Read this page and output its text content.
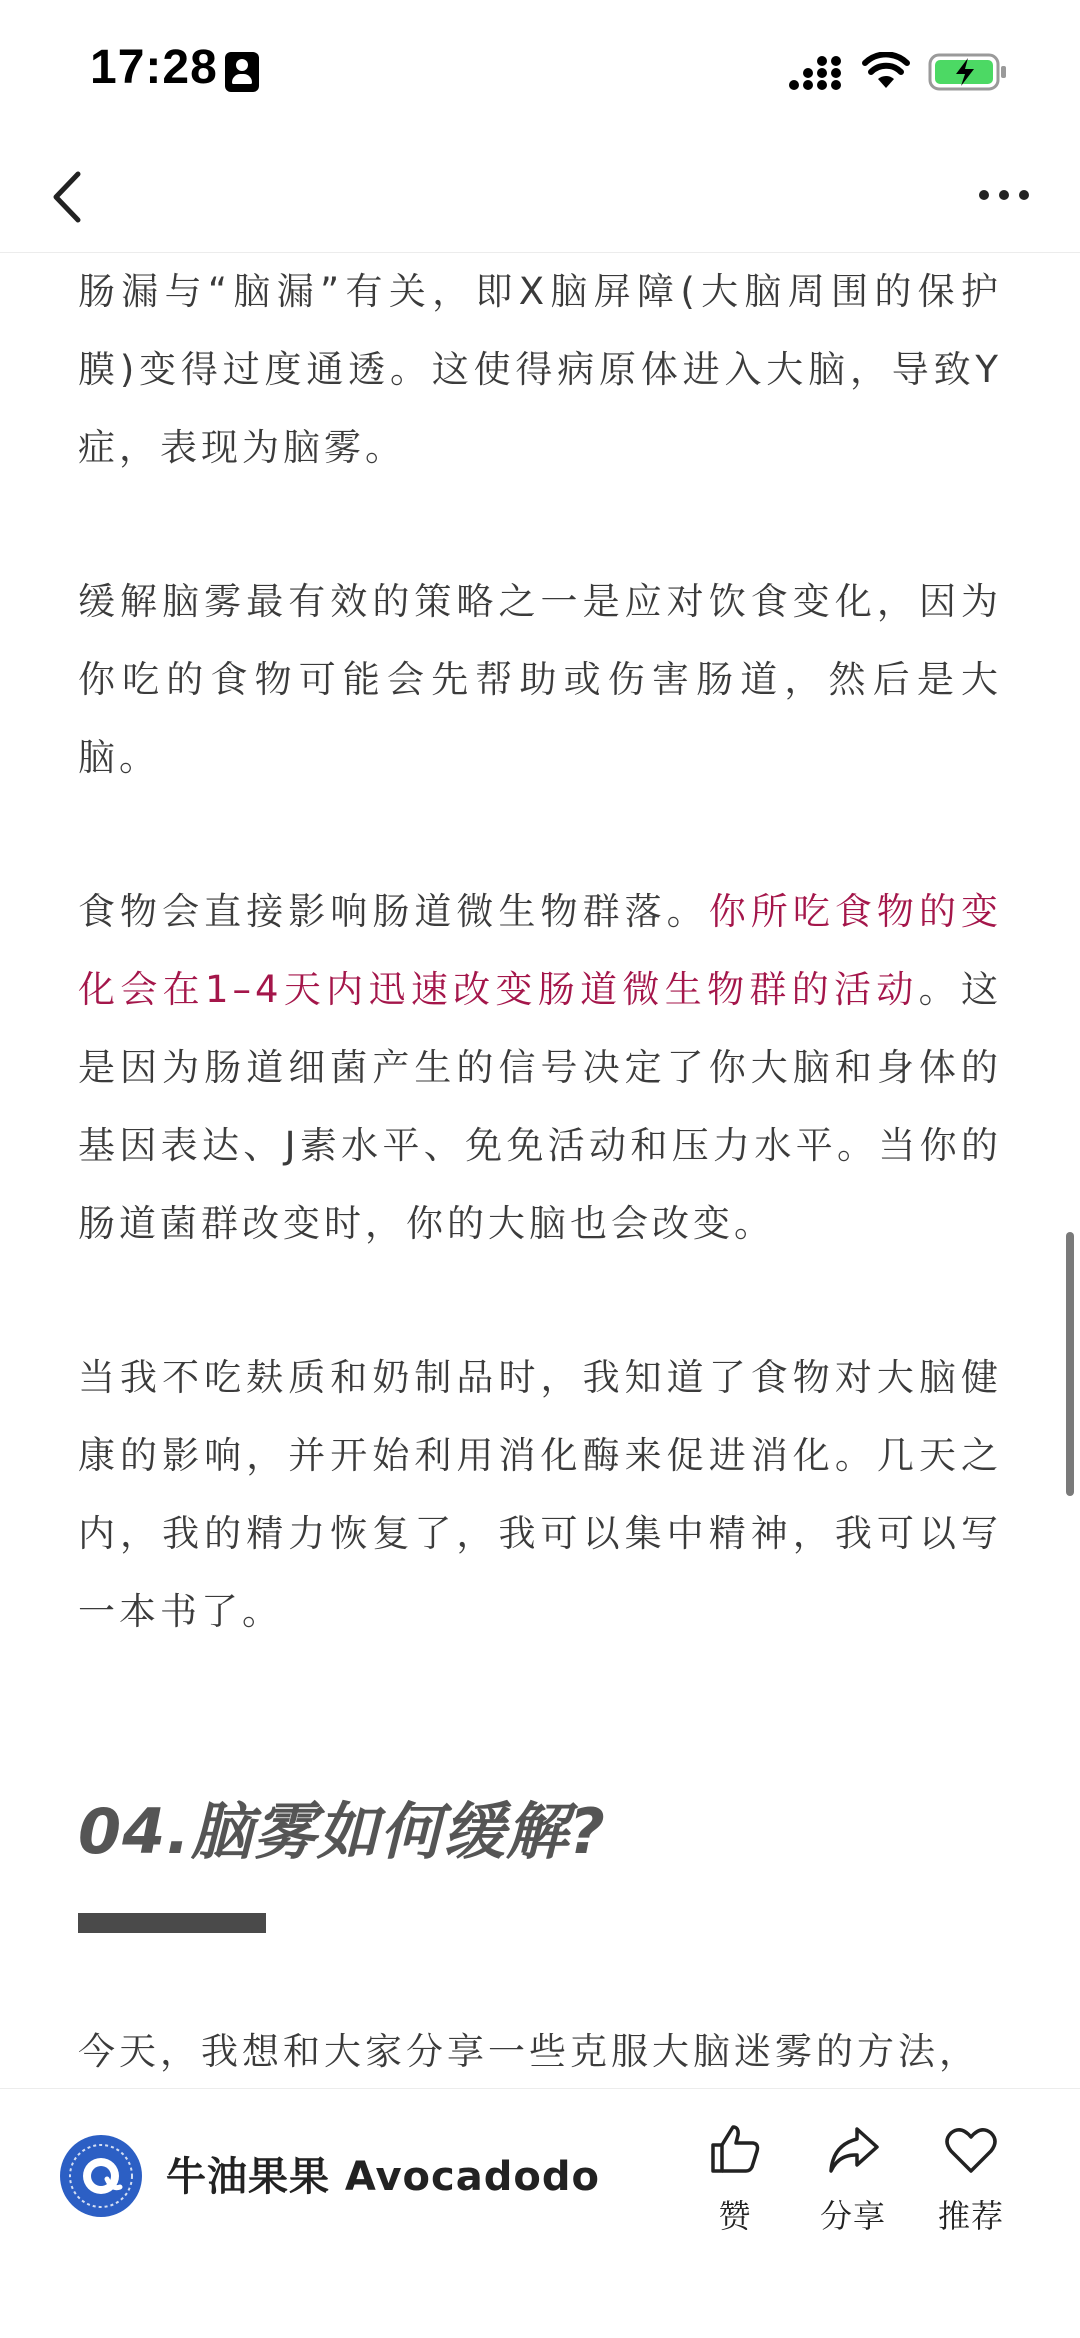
17:28

肠漏与“脑漏”有关，即X脑屏障(大脑周围的保护膜)变得过度通透。这使得病原体进入大脑，导致Y症，表现为脑雾。

缓解脑雾最有效的策略之一是应对饮食变化，因为你吃的食物可能会先帮助或伤害肠道，然后是大脑。

食物会直接影响肠道微生物群落。你所吃食物的变化会在1–4天内迅速改变肠道微生物群的活动。这是因为肠道细菌产生的信号决定了你大脑和身体的基因表达、J素水平、免免活动和压力水平。当你的肠道菌群改变时，你的大脑也会改变。

当我不吃麸质和奶制品时，我知道了食物对大脑健康的影响，并开始利用消化酶来促进消化。几天之内，我的精力恢复了，我可以集中精神，我可以写一本书了。

04.脑雾如何缓解?

今天，我想和大家分享一些克服大脑迷雾的方法，

牛油果果 Avocadodo
赞	分享	推荐
